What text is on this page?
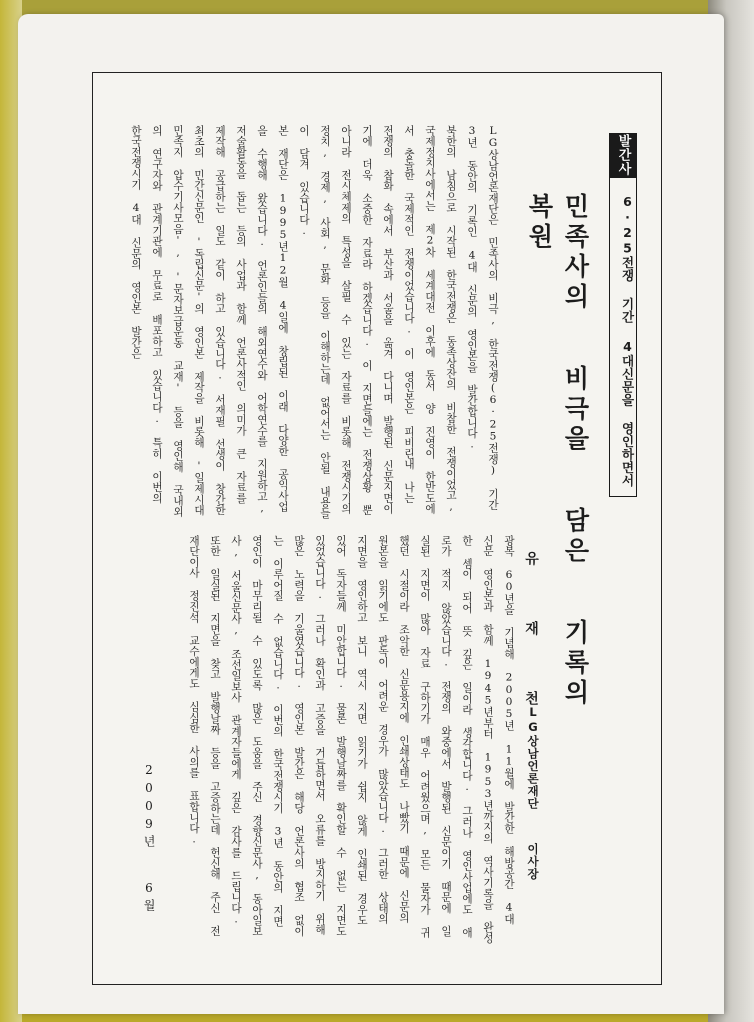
발간사
6·25전쟁 기간 4대신문을 영인하면서
민족사의 비극을 담은 기록의 복원
유 재 천
LG상남언론재단 이사장

LG상남언론재단은 민족사의 비극, 한국전쟁(6·25전쟁) 기간 3년 동안의 기록인 4대 신문의 영인본을 발간합니다.

북한의 남침으로 시작된 한국전쟁은 동족상잔의 비참한 전쟁이었고, 국제정치사에서는 제2차 세계대전 이후에 동서 양 진영이 한반도에서 충돌한 국제적인 전쟁이었습니다. 이 영인본은 피비린내 나는 전쟁의 참화 속에서 부산과 서울을 옮겨 다니며 발행된 신문지면이기에 더욱 소중한 자료라 하겠습니다. 이 지면들에는 전쟁상황 뿐 아니라 전시체제의 특성을 살필 수 있는 자료를 비롯해 전쟁시기의 정치, 경제, 사회, 문화 등을 이해하는데 없어서는 안될 내용들이 담겨 있습니다.

본 재단은 1995년12월 4일에 창립된 이래 다양한 공익사업을 수행해 왔습니다. 언론인들의 해외연수와 어학연수를 지원하고, 저술활동을 돕는 등의 사업과 함께 언론사적인 의미가 큰 자료를 제작해 공급하는 일도 같이 하고 있습니다. 서재필 선생이 창간한 최초의 민간신문인 '독립신문'의 영인본 제작을 비롯해 '일제시대 민족지 압수기사모음', '문자보급운동 교재' 등을 영인해 국내외의 연구자와 관계기관에 무료로 배포하고 있습니다. 특히 이번의 한국전쟁시기 4대 신문의 영인본 발간은

광복 60년을 기념해 2005년 11월에 발간한 해방공간 4대 신문 영인본과 함께 1945년부터 1953년까지의 역사기록을 완성한 셈이 되어 뜻 깊은 일이라 생각합니다. 그러나 영인사업에도 애로가 적지 않았습니다. 전쟁의 와중에서 발행된 신문이기 때문에 일실된 지면이 많아 자료 구하기가 매우 어려웠으며, 모든 물자가 귀했던 시절이라 조악한 신문용지에 인쇄상태도 나빴기 때문에 신문의 원본을 읽기에도 판독이 어려운 경우가 많았습니다. 그러한 상태의 지면을 영인하고 보니 역시 지면 읽기가 쉽지 않게 인쇄된 경우도 있어 독자들께 미안합니다. 물론 발행날짜를 확인할 수 없는 지면도 있었습니다. 그러나 확인과 고증을 거듭하면서 오류를 방지하기 위해 많은 노력을 기울였습니다. 영인본 발간은 해당 언론사의 협조 없이는 이루어질 수 없습니다. 이번의 한국전쟁시기 3년 동안의 지면 영인이 마무리될 수 있도록 많은 도움을 주신 경향신문사, 동아일보사, 서울신문사, 조선일보사 관계자들에게 깊은 감사를 드립니다. 또한 일실된 지면을 찾고 발행날짜 등을 고증하는데 헌신해 주신 전 재단이사 정진석 교수에게도 심심한 사의를 표합니다.

2009년 6월
